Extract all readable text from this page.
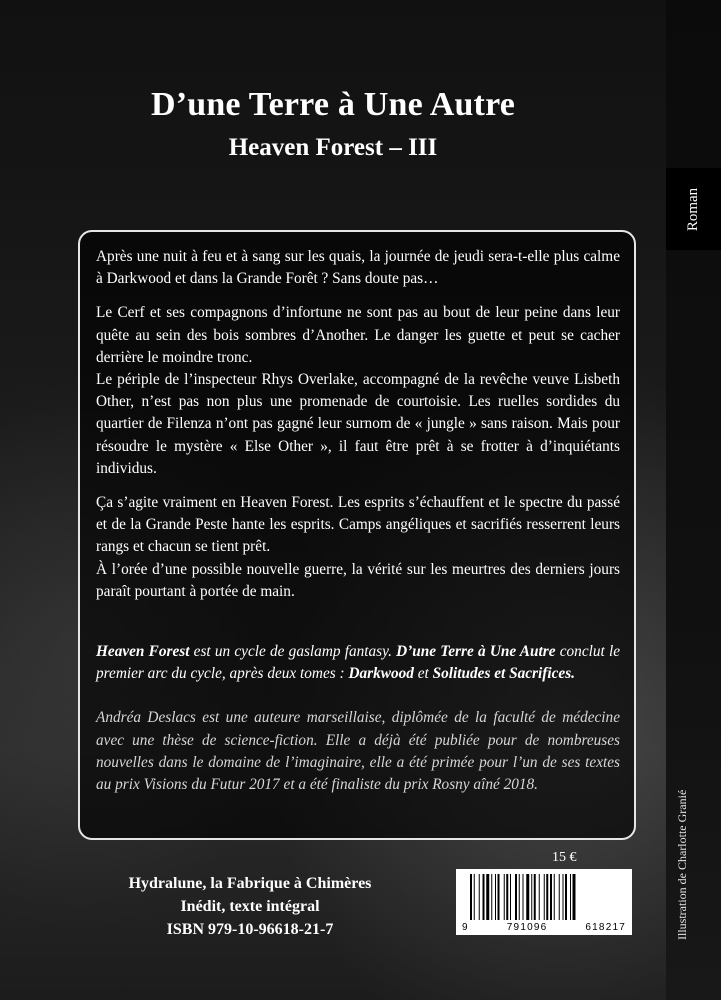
Roman
D’une Terre à Une Autre
Heaven Forest – III

Après une nuit à feu et à sang sur les quais, la journée de jeudi sera-t-elle plus calme à Darkwood et dans la Grande Forêt ? Sans doute pas…

Le Cerf et ses compagnons d’infortune ne sont pas au bout de leur peine dans leur quête au sein des bois sombres d’Another. Le danger les guette et peut se cacher derrière le moindre tronc.

Le périple de l’inspecteur Rhys Overlake, accompagné de la revêche veuve Lisbeth Other, n’est pas non plus une promenade de courtoisie. Les ruelles sordides du quartier de Filenza n’ont pas gagné leur surnom de « jungle » sans raison. Mais pour résoudre le mystère « Else Other », il faut être prêt à se frotter à d’inquiétants individus.

Ça s’agite vraiment en Heaven Forest. Les esprits s’échauffent et le spectre du passé et de la Grande Peste hante les esprits. Camps angéliques et sacrifiés resserrent leurs rangs et chacun se tient prêt.

À l’orée d’une possible nouvelle guerre, la vérité sur les meurtres des derniers jours paraît pourtant à portée de main.

Heaven Forest est un cycle de gaslamp fantasy. D’une Terre à Une Autre conclut le premier arc du cycle, après deux tomes : Darkwood et Solitudes et Sacrifices.

Andréa Deslacs est une auteure marseillaise, diplômée de la faculté de médecine avec une thèse de science-fiction. Elle a déjà été publiée pour de nombreuses nouvelles dans le domaine de l’imaginaire, elle a été primée pour l’un de ses textes au prix Visions du Futur 2017 et a été finaliste du prix Rosny aîné 2018.

Hydralune, la Fabrique à Chimères
Inédit, texte intégral
ISBN 979-10-96618-21-7
15 €
9	791096	618217	Illustration de Charlotte Granié
